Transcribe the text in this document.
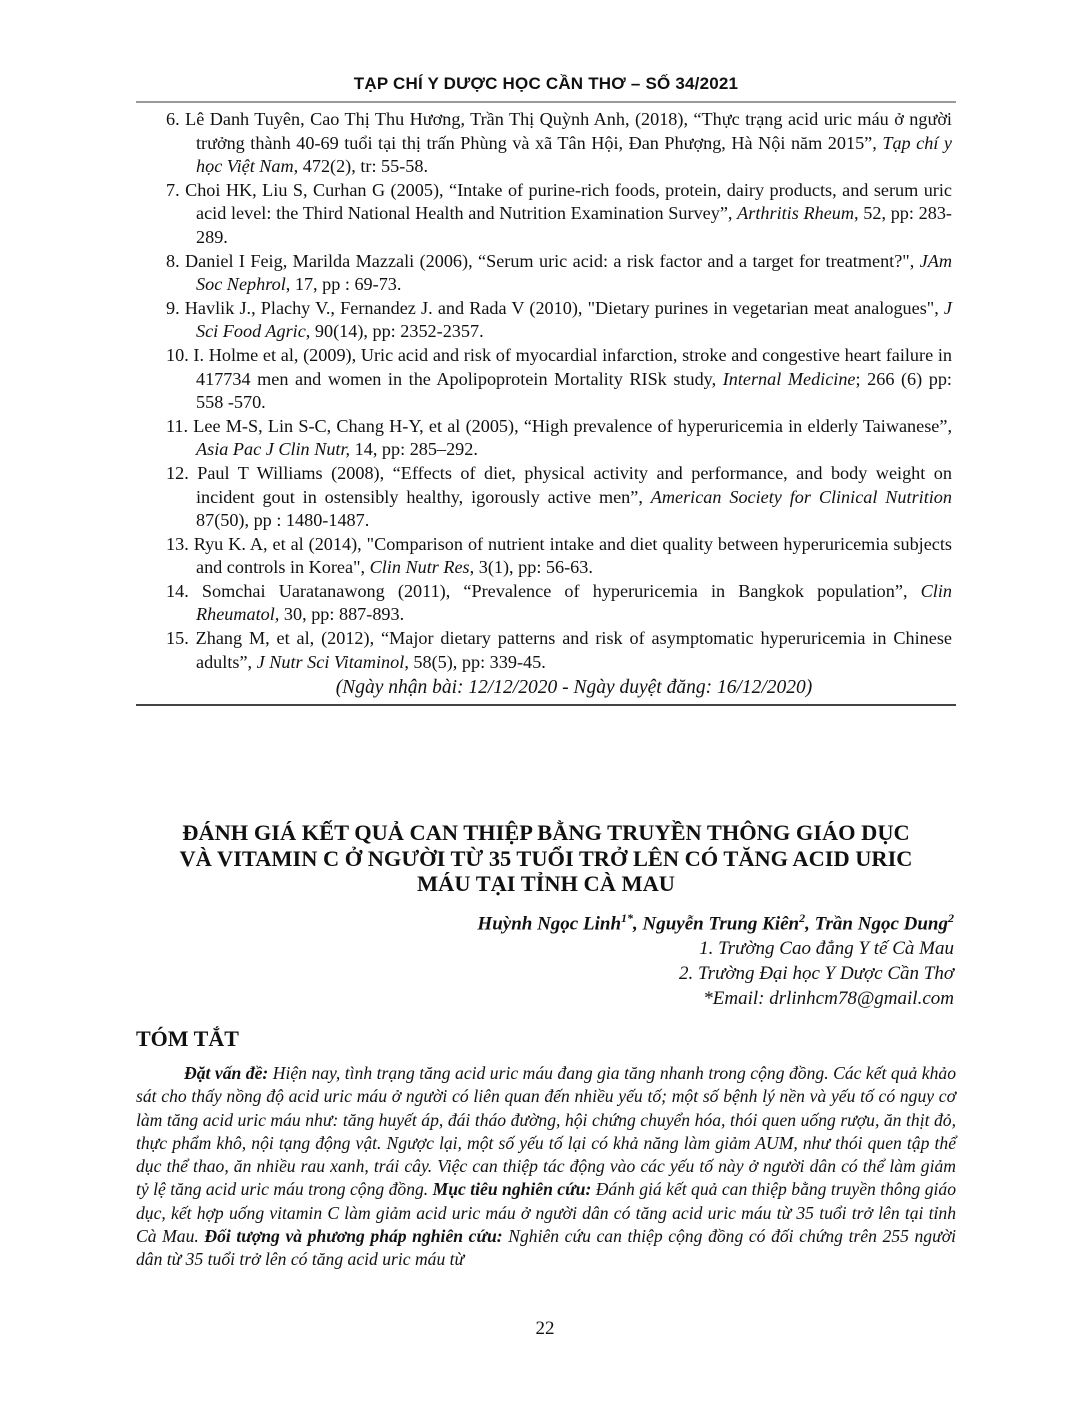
TẠP CHÍ Y DƯỢC HỌC CẦN THƠ – SỐ 34/2021

6. Lê Danh Tuyên, Cao Thị Thu Hương, Trần Thị Quỳnh Anh, (2018), “Thực trạng acid uric máu ở người trưởng thành 40-69 tuổi tại thị trấn Phùng và xã Tân Hội, Đan Phượng, Hà Nội năm 2015”, Tạp chí y học Việt Nam, 472(2), tr: 55-58.

7. Choi HK, Liu S, Curhan G (2005), “Intake of purine-rich foods, protein, dairy products, and serum uric acid level: the Third National Health and Nutrition Examination Survey”, Arthritis Rheum, 52, pp: 283-289.

8. Daniel I Feig, Marilda Mazzali (2006), “Serum uric acid: a risk factor and a target for treatment?", JAm Soc Nephrol, 17, pp : 69-73.

9. Havlik J., Plachy V., Fernandez J. and Rada V (2010), "Dietary purines in vegetarian meat analogues", J Sci Food Agric, 90(14), pp: 2352-2357.

10. I. Holme et al, (2009), Uric acid and risk of myocardial infarction, stroke and congestive heart failure in 417734 men and women in the Apolipoprotein Mortality RISk study, Internal Medicine; 266 (6) pp: 558 -570.

11. Lee M-S, Lin S-C, Chang H-Y, et al (2005), “High prevalence of hyperuricemia in elderly Taiwanese”, Asia Pac J Clin Nutr, 14, pp: 285–292.

12. Paul T Williams (2008), “Effects of diet, physical activity and performance, and body weight on incident gout in ostensibly healthy, igorously active men”, American Society for Clinical Nutrition 87(50), pp : 1480-1487.

13. Ryu K. A, et al (2014), "Comparison of nutrient intake and diet quality between hyperuricemia subjects and controls in Korea", Clin Nutr Res, 3(1), pp: 56-63.

14. Somchai Uaratanawong (2011), “Prevalence of hyperuricemia in Bangkok population”, Clin Rheumatol, 30, pp: 887-893.

15. Zhang M, et al, (2012), “Major dietary patterns and risk of asymptomatic hyperuricemia in Chinese adults”, J Nutr Sci Vitaminol, 58(5), pp: 339-45.

(Ngày nhận bài: 12/12/2020 - Ngày duyệt đăng: 16/12/2020)
ĐÁNH GIÁ KẾT QUẢ CAN THIỆP BẰNG TRUYỀN THÔNG GIÁO DỤC
VÀ VITAMIN C Ở NGƯỜI TỪ 35 TUỔI TRỞ LÊN CÓ TĂNG ACID URIC
MÁU TẠI TỈNH CÀ MAU
Huỳnh Ngọc Linh$^{1*}$, Nguyễn Trung Kiên$^2$, Trần Ngọc Dung$^2$
1. Trường Cao đẳng Y tế Cà Mau
2. Trường Đại học Y Dược Cần Thơ
*Email: drlinhcm78@gmail.com
TÓM TẮT
Đặt vấn đề: Hiện nay, tình trạng tăng acid uric máu đang gia tăng nhanh trong cộng đồng. Các kết quả khảo sát cho thấy nồng độ acid uric máu ở người có liên quan đến nhiều yếu tố; một số bệnh lý nền và yếu tố có nguy cơ làm tăng acid uric máu như: tăng huyết áp, đái tháo đường, hội chứng chuyển hóa, thói quen uống rượu, ăn thịt đỏ, thực phẩm khô, nội tạng động vật. Ngược lại, một số yếu tố lại có khả năng làm giảm AUM, như thói quen tập thể dục thể thao, ăn nhiều rau xanh, trái cây. Việc can thiệp tác động vào các yếu tố này ở người dân có thể làm giảm tỷ lệ tăng acid uric máu trong cộng đồng. Mục tiêu nghiên cứu: Đánh giá kết quả can thiệp bằng truyền thông giáo dục, kết hợp uống vitamin C làm giảm acid uric máu ở người dân có tăng acid uric máu từ 35 tuổi trở lên tại tỉnh Cà Mau. Đối tượng và phương pháp nghiên cứu: Nghiên cứu can thiệp cộng đồng có đối chứng trên 255 người dân từ 35 tuổi trở lên có tăng acid uric máu từ
22
